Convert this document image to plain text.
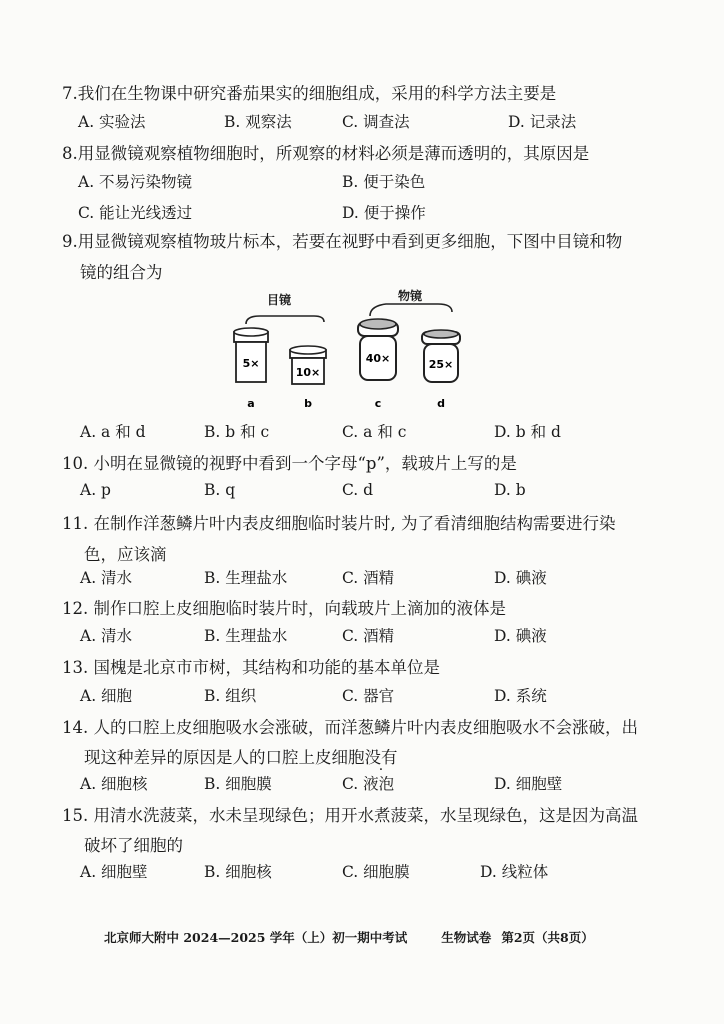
7.我们在生物课中研究番茄果实的细胞组成，采用的科学方法主要是
A. 实验法	B. 观察法	C. 调查法	D. 记录法
8.用显微镜观察植物细胞时，所观察的材料必须是薄而透明的，其原因是
A. 不易污染物镜	B. 便于染色
C. 能让光线透过	D. 便于操作
9.用显微镜观察植物玻片标本，若要在视野中看到更多细胞，下图中目镜和物
镜的组合为
目镜	物镜
5×
a
10×
b
40×
c
25×
d
A. a 和 d	B. b 和 c	C. a 和 c	D. b 和 d
10. 小明在显微镜的视野中看到一个字母“p”，载玻片上写的是
A. p	B. q	C. d	D. b
11. 在制作洋葱鳞片叶内表皮细胞临时装片时, 为了看清细胞结构需要进行染
色，应该滴
A. 清水	B. 生理盐水	C. 酒精	D. 碘液
12. 制作口腔上皮细胞临时装片时，向载玻片上滴加的液体是
A. 清水	B. 生理盐水	C. 酒精	D. 碘液
13. 国槐是北京市市树，其结构和功能的基本单位是
A. 细胞	B. 组织	C. 器官	D. 系统
14. 人的口腔上皮细胞吸水会涨破，而洋葱鳞片叶内表皮细胞吸水不会涨破，出
现这种差异的原因是人的口腔上皮细胞没有
A. 细胞核	B. 细胞膜	C. 液泡	D. 细胞壁
15. 用清水洗菠菜，水未呈现绿色；用开水煮菠菜，水呈现绿色，这是因为高温
破坏了细胞的
A. 细胞壁	B. 细胞核	C. 细胞膜	D. 线粒体
北京师大附中 2024—2025 学年（上）初一期中考试	生物试卷 第2页（共8页）
